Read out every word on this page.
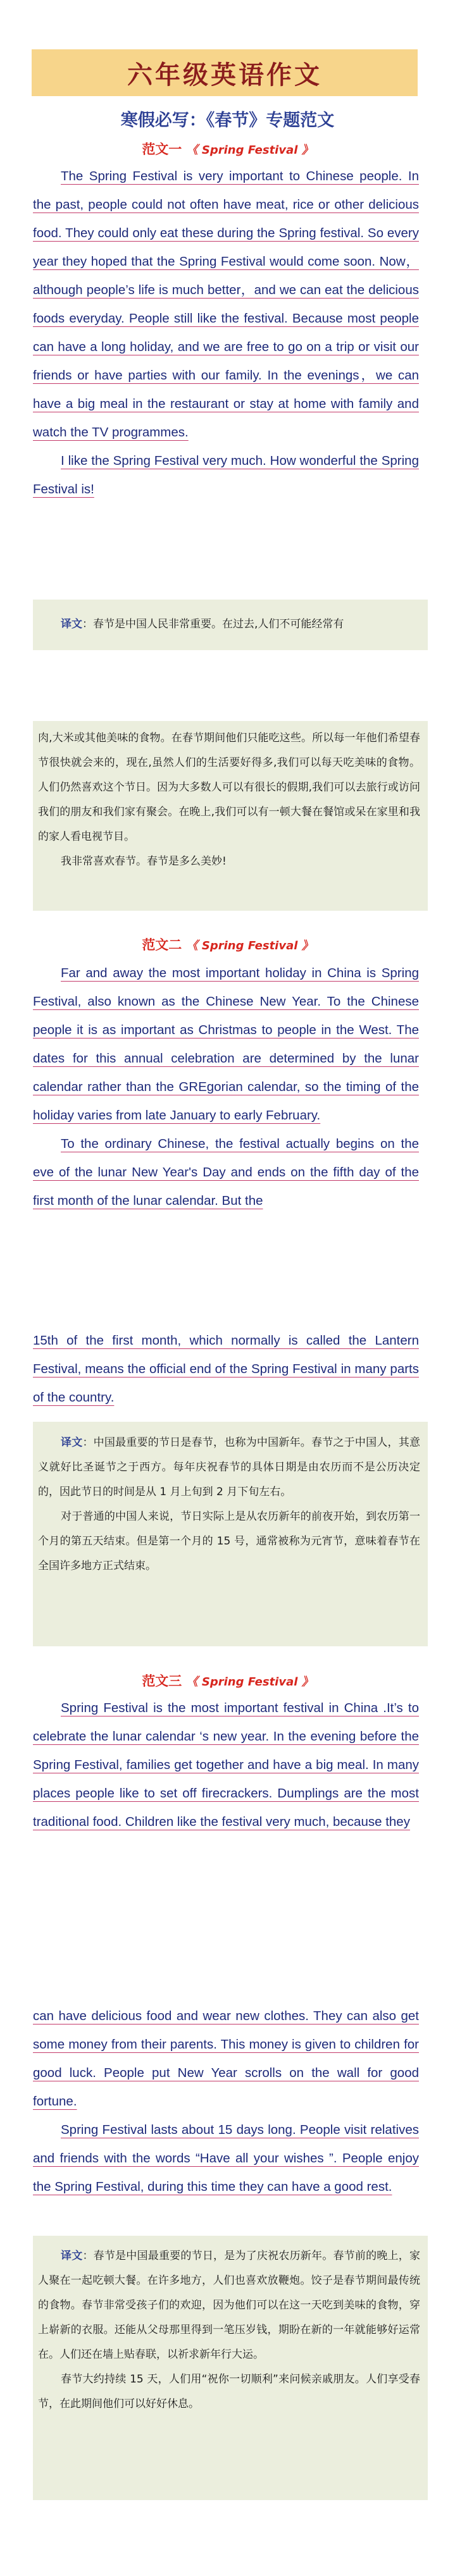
六年级英语作文
寒假必写：《春节》专题范文
范文一 《 Spring Festival 》

The Spring Festival is very important to Chinese people. In the past, people could not often have meat, rice or other delicious food. They could only eat these during the Spring festival. So every year they hoped that the Spring Festival would come soon. Now， although people’s life is much better，and we can eat the delicious foods everyday. People still like the festival. Because most people can have a long holiday, and we are free to go on a trip or visit our friends or have parties with our family. In the evenings，we can have a big meal in the restaurant or stay at home with family and watch the TV programmes.

I like the Spring Festival very much. How wonderful the Spring Festival is!

译文：春节是中国人民非常重要。在过去,人们不可能经常有

肉,大米或其他美味的食物。在春节期间他们只能吃这些。所以每一年他们希望春节很快就会来的，现在,虽然人们的生活要好得多,我们可以每天吃美味的食物。人们仍然喜欢这个节日。因为大多数人可以有很长的假期,我们可以去旅行或访问我们的朋友和我们家有聚会。在晚上,我们可以有一顿大餐在餐馆或呆在家里和我的家人看电视节目。

我非常喜欢春节。春节是多么美妙!

范文二 《 Spring Festival 》

Far and away the most important holiday in China is Spring Festival, also known as the Chinese New Year. To the Chinese people it is as important as Christmas to people in the West. The dates for this annual celebration are determined by the lunar calendar rather than the GREgorian calendar, so the timing of the holiday varies from late January to early February.

To the ordinary Chinese, the festival actually begins on the eve of the lunar New Year's Day and ends on the fifth day of the first month of the lunar calendar. But the

15th of the first month, which normally is called the Lantern Festival, means the official end of the Spring Festival in many parts of the country.

译文：中国最重要的节日是春节，也称为中国新年。春节之于中国人，其意义就好比圣诞节之于西方。每年庆祝春节的具体日期是由农历而不是公历决定的，因此节日的时间是从 1 月上旬到 2 月下旬左右。

对于普通的中国人来说，节日实际上是从农历新年的前夜开始，到农历第一个月的第五天结束。但是第一个月的 15 号，通常被称为元宵节，意味着春节在全国许多地方正式结束。

范文三 《 Spring Festival 》

Spring Festival is the most important festival in China .It’s to celebrate the lunar calendar ‘s new year. In the evening before the Spring Festival, families get together and have a big meal. In many places people like to set off firecrackers. Dumplings are the most traditional food. Children like the festival very much, because they

can have delicious food and wear new clothes. They can also get some money from their parents. This money is given to children for good luck. People put New Year scrolls on the wall for good fortune.

Spring Festival lasts about 15 days long. People visit relatives and friends with the words “Have all your wishes ”. People enjoy the Spring Festival, during this time they can have a good rest.

译文：春节是中国最重要的节日，是为了庆祝农历新年。春节前的晚上，家人聚在一起吃顿大餐。在许多地方，人们也喜欢放鞭炮。饺子是春节期间最传统的食物。春节非常受孩子们的欢迎，因为他们可以在这一天吃到美味的食物，穿上崭新的衣服。还能从父母那里得到一笔压岁钱，期盼在新的一年就能够好运常在。人们还在墙上贴春联，以祈求新年行大运。

春节大约持续 15 天，人们用“祝你一切顺利”来问候亲戚朋友。人们享受春节，在此期间他们可以好好休息。
